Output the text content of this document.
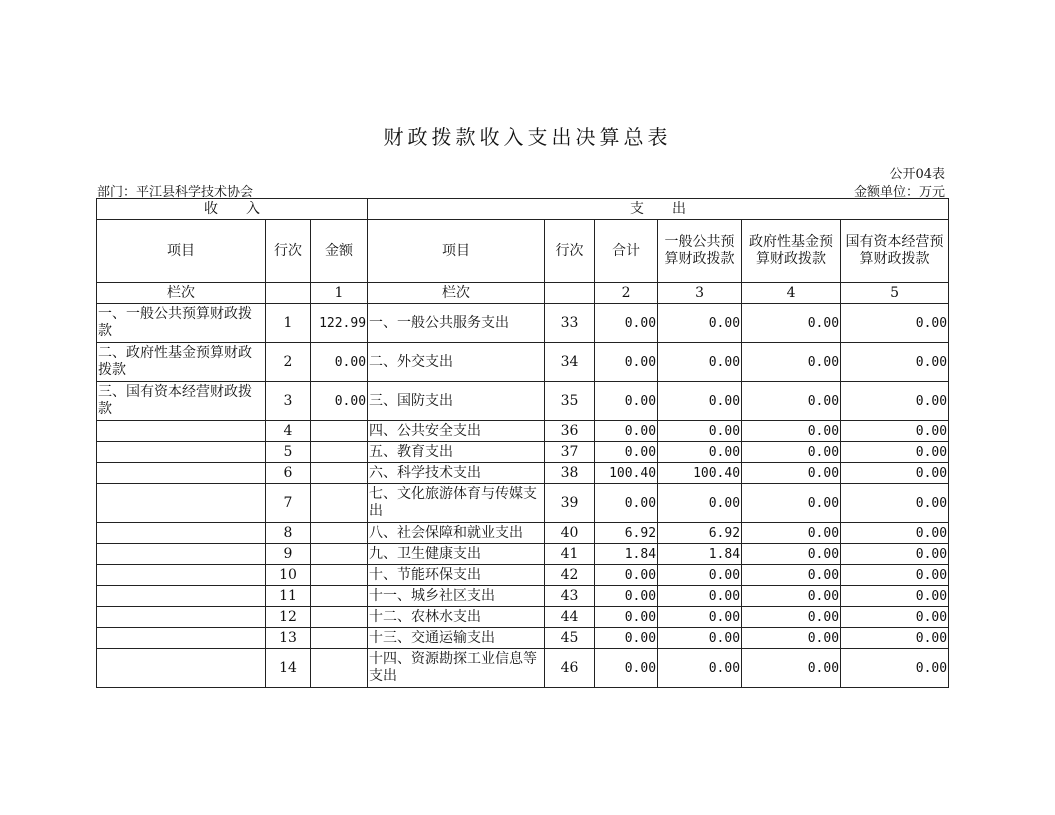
财政拨款收入支出决算总表
公开04表
部门：平江县科学技术协会	金额单位：万元
收　　入			支　　出					
项目	行次	金额	项目	行次	合计	一般公共预算财政拨款	政府性基金预算财政拨款	国有资本经营预算财政拨款
栏次		1	栏次		2	3	4	5
一、一般公共预算财政拨款	1	122.99	一、一般公共服务支出	33	0.00	0.00	0.00	0.00
二、政府性基金预算财政拨款	2	0.00	二、外交支出	34	0.00	0.00	0.00	0.00
三、国有资本经营财政拨款	3	0.00	三、国防支出	35	0.00	0.00	0.00	0.00
	4		四、公共安全支出	36	0.00	0.00	0.00	0.00
	5		五、教育支出	37	0.00	0.00	0.00	0.00
	6		六、科学技术支出	38	100.40	100.40	0.00	0.00
	7		七、文化旅游体育与传媒支出	39	0.00	0.00	0.00	0.00
	8		八、社会保障和就业支出	40	6.92	6.92	0.00	0.00
	9		九、卫生健康支出	41	1.84	1.84	0.00	0.00
	10		十、节能环保支出	42	0.00	0.00	0.00	0.00
	11		十一、城乡社区支出	43	0.00	0.00	0.00	0.00
	12		十二、农林水支出	44	0.00	0.00	0.00	0.00
	13		十三、交通运输支出	45	0.00	0.00	0.00	0.00
	14		十四、资源勘探工业信息等支出	46	0.00	0.00	0.00	0.00
